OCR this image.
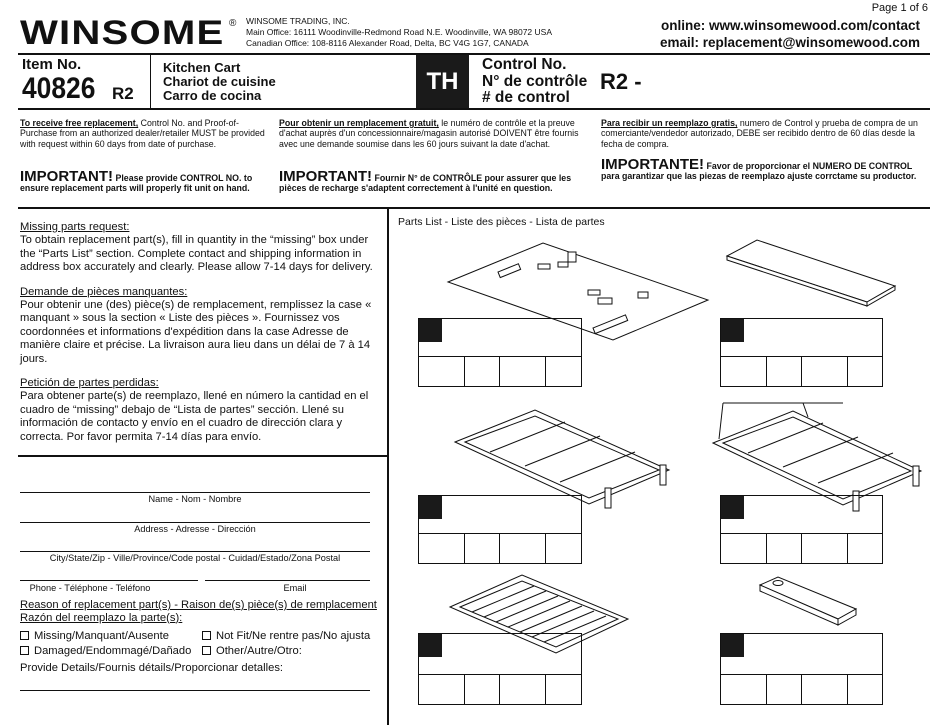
WINSOME ® WINSOME TRADING, INC.
Main Office: 16111 Woodinville-Redmond Road N.E. Woodinville, WA 98072 USA
Canadian Office: 108-8116 Alexander Road, Delta, BC V4G 1G7, CANADA
Page 1 of 6
online: www.winsomewood.com/contact
email: replacement@winsomewood.com
Item No.
40826 R2
Kitchen Cart
Chariot de cuisine
Carro de cocina
TH
Control No.
N° de contrôle
# de control
R2 -
To receive free replacement, Control No. and Proof-of-Purchase from an authorized dealer/retailer MUST be provided with request within 60 days from date of purchase.
IMPORTANT! Please provide CONTROL NO. to ensure replacement parts will properly fit unit on hand.
Pour obtenir un remplacement gratuit, le numéro de contrôle et la preuve d'achat auprès d'un concessionnaire/magasin autorisé DOIVENT être fournis avec une demande soumise dans les 60 jours suivant la date d'achat.
IMPORTANT! Fournir N° de CONTRÔLE pour assurer que les pièces de recharge s'adaptent correctement à l'unité en question.
Para recibir un reemplazo gratis, numero de Control y prueba de compra de un comerciante/vendedor autorizado, DEBE ser recibido dentro de 60 días desde la fecha de compra.
IMPORTANTE! Favor de proporcionar el NUMERO DE CONTROL para garantizar que las piezas de reemplazo ajuste corrctame su productor.

Missing parts request:
To obtain replacement part(s), fill in quantity in the “missing” box under the “Parts List” section. Complete contact and shipping information in address box accurately and clearly. Please allow 7-14 days for delivery.

Demande de pièces manquantes:
Pour obtenir une (des) pièce(s) de remplacement, remplissez la case « manquant » sous la section « Liste des pièces ». Fournissez vos coordonnées et informations d'expédition dans la case Adresse de manière claire et précise. La livraison aura lieu dans un délai de 7 à 14 jours.

Petición de partes perdidas:
Para obtener parte(s) de reemplazo, llené en número la cantidad en el cuadro de “missing” debajo de “Lista de partes” sección. Llené su información de contacto y envío en el cuadro de dirección clara y correcta. Por favor permita 7-14 días para envío.

Name - Nom - Nombre
Address - Adresse - Dirección
City/State/Zip - Ville/Province/Code postal - Cuidad/Estado/Zona Postal
Phone - Téléphone - Teléfono	Email
Reason of replacement part(s) - Raison de(s) pièce(s) de remplacement
Razón del reemplazo la parte(s):
Missing/Manquant/Ausente	Not Fit/Ne rentre pas/No ajusta
Damaged/Endommagé/Dañado	Other/Autre/Otro:
Provide Details/Fournis détails/Proporcionar detalles:
Parts List - Liste des pièces - Lista de partes
